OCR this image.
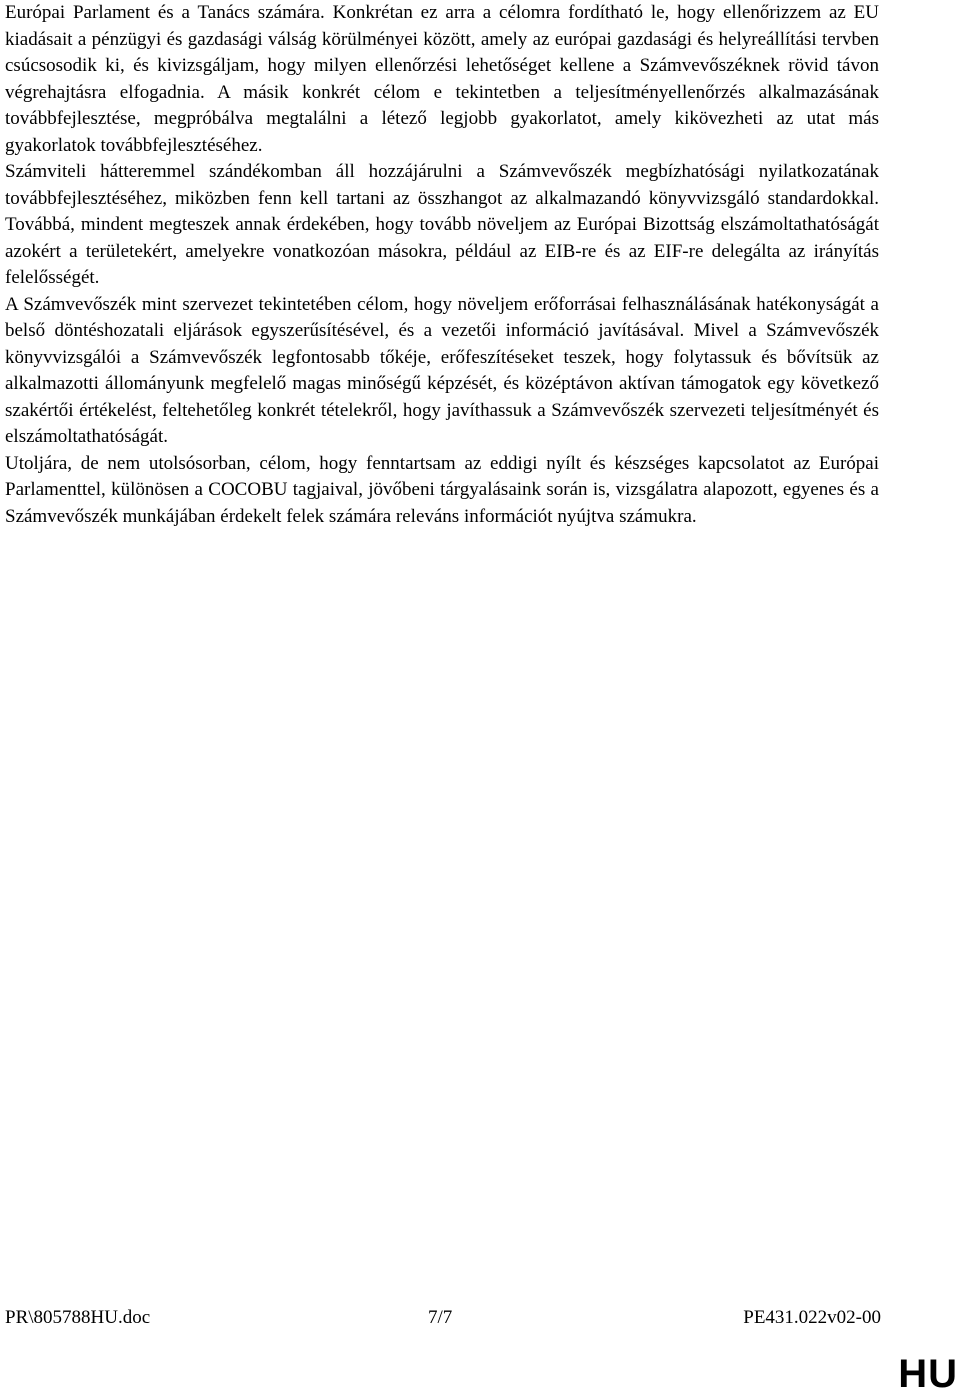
Európai Parlament és a Tanács számára. Konkrétan ez arra a célomra fordítható le, hogy ellenőrizzem az EU kiadásait a pénzügyi és gazdasági válság körülményei között, amely az európai gazdasági és helyreállítási tervben csúcsosodik ki, és kivizsgáljam, hogy milyen ellenőrzési lehetőséget kellene a Számvevőszéknek rövid távon végrehajtásra elfogadnia. A másik konkrét célom e tekintetben a teljesítményellenőrzés alkalmazásának továbbfejlesztése, megpróbálva megtalálni a létező legjobb gyakorlatot, amely kikövezheti az utat más gyakorlatok továbbfejlesztéséhez.

Számviteli hátteremmel szándékomban áll hozzájárulni a Számvevőszék megbízhatósági nyilatkozatának továbbfejlesztéséhez, miközben fenn kell tartani az összhangot az alkalmazandó könyvvizsgáló standardokkal. Továbbá, mindent megteszek annak érdekében, hogy tovább növeljem az Európai Bizottság elszámoltathatóságát azokért a területekért, amelyekre vonatkozóan másokra, például az EIB-re és az EIF-re delegálta az irányítás felelősségét.

A Számvevőszék mint szervezet tekintetében célom, hogy növeljem erőforrásai felhasználásának hatékonyságát a belső döntéshozatali eljárások egyszerűsítésével, és a vezetői információ javításával. Mivel a Számvevőszék könyvvizsgálói a Számvevőszék legfontosabb tőkéje, erőfeszítéseket teszek, hogy folytassuk és bővítsük az alkalmazotti állományunk megfelelő magas minőségű képzését, és középtávon aktívan támogatok egy következő szakértői értékelést, feltehetőleg konkrét tételekről, hogy javíthassuk a Számvevőszék szervezeti teljesítményét és elszámoltathatóságát.

Utoljára, de nem utolsósorban, célom, hogy fenntartsam az eddigi nyílt és készséges kapcsolatot az Európai Parlamenttel, különösen a COCOBU tagjaival, jövőbeni tárgyalásaink során is, vizsgálatra alapozott, egyenes és a Számvevőszék munkájában érdekelt felek számára releváns információt nyújtva számukra.

PR\805788HU.doc	7/7	PE431.022v02-00
HU
